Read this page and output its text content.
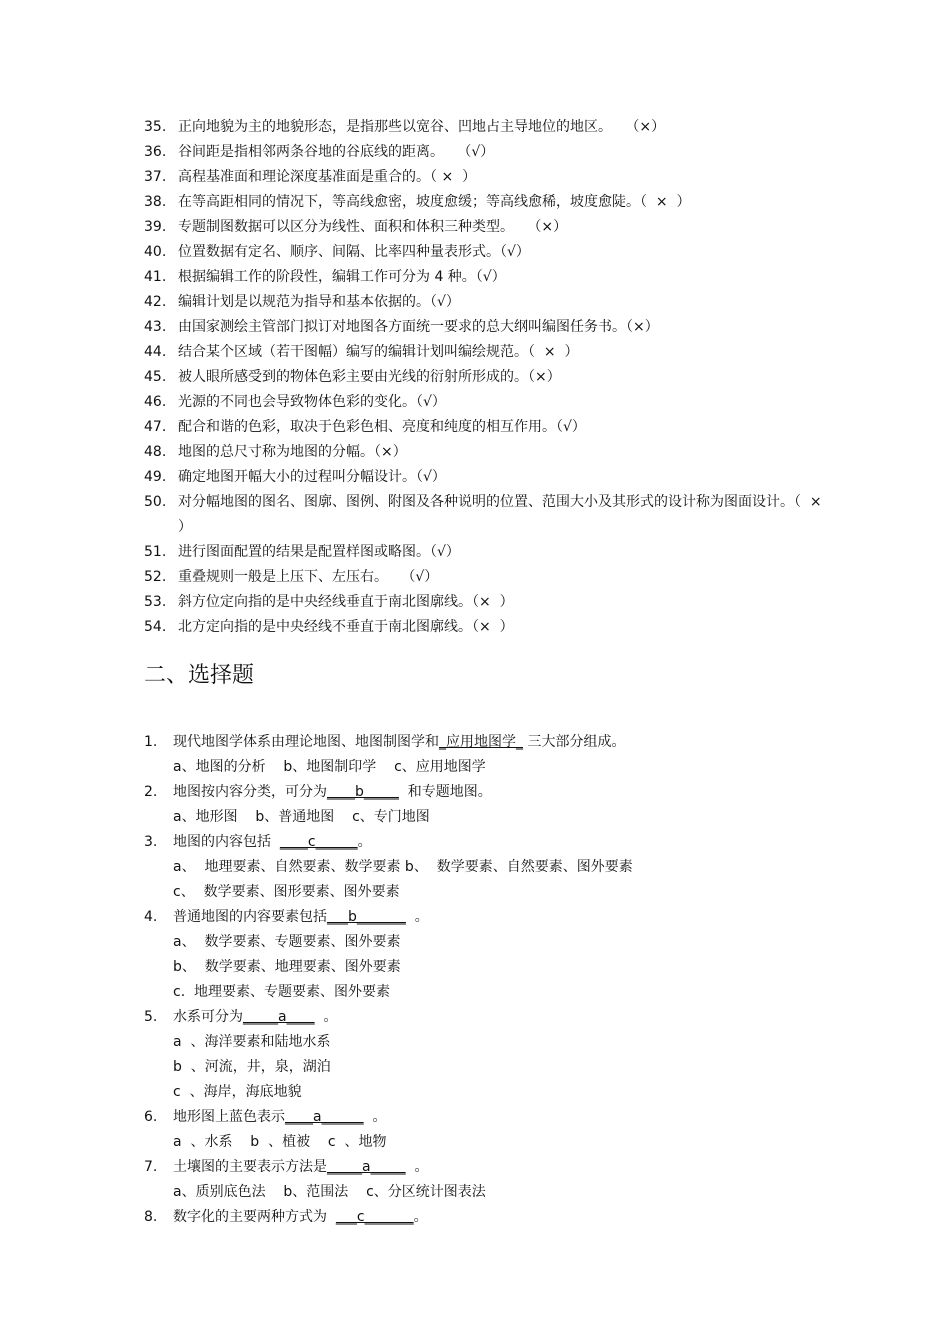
35. 正向地貌为主的地貌形态，是指那些以宽谷、凹地占主导地位的地区。   （×）
36. 谷间距是指相邻两条谷地的谷底线的距离。   （√）
37. 高程基准面和理论深度基准面是重合的。（ ×  ）
38. 在等高距相同的情况下，等高线愈密，坡度愈缓；等高线愈稀，坡度愈陡。（  ×  ）
39. 专题制图数据可以区分为线性、面积和体积三种类型。   （×）
40. 位置数据有定名、顺序、间隔、比率四种量表形式。（√）
41. 根据编辑工作的阶段性，编辑工作可分为 4 种。（√）
42. 编辑计划是以规范为指导和基本依据的。（√）
43. 由国家测绘主管部门拟订对地图各方面统一要求的总大纲叫编图任务书。（×）
44. 结合某个区域（若干图幅）编写的编辑计划叫编绘规范。（  ×  ）
45. 被人眼所感受到的物体色彩主要由光线的衍射所形成的。（×）
46. 光源的不同也会导致物体色彩的变化。（√）
47. 配合和谐的色彩，取决于色彩色相、亮度和纯度的相互作用。（√）
48. 地图的总尺寸称为地图的分幅。（×）
49. 确定地图开幅大小的过程叫分幅设计。（√）
50. 对分幅地图的图名、图廓、图例、附图及各种说明的位置、范围大小及其形式的设计称为图面设计。（  ×  ）
51. 进行图面配置的结果是配置样图或略图。（√）
52. 重叠规则一般是上压下、左压右。   （√）
53. 斜方位定向指的是中央经线垂直于南北图廓线。（×  ）
54. 北方定向指的是中央经线不垂直于南北图廓线。（×  ）
二、选择题
1.	现代地图学体系由理论地图、地图制图学和_应用地图学_ 三大部分组成。
a、地图的分析    b、地图制印学    c、应用地图学
2.	地图按内容分类，可分为____b_____  和专题地图。
a、地形图    b、普通地图    c、专门地图
3.	地图的内容包括  ____c______。
a、  地理要素、自然要素、数学要素 b、  数学要素、自然要素、图外要素
c、  数学要素、图形要素、图外要素
4.	普通地图的内容要素包括___b_______  。
a、  数学要素、专题要素、图外要素
b、  数学要素、地理要素、图外要素
c.  地理要素、专题要素、图外要素
5.	水系可分为_____a____  。
a  、海洋要素和陆地水系
b  、河流，井，泉，湖泊
c  、海岸，海底地貌
6.	地形图上蓝色表示____a______  。
a  、水系    b  、植被    c  、地物
7.	土壤图的主要表示方法是_____a_____  。
a、质别底色法    b、范围法    c、分区统计图表法
8.	数字化的主要两种方式为  ___c_______。
